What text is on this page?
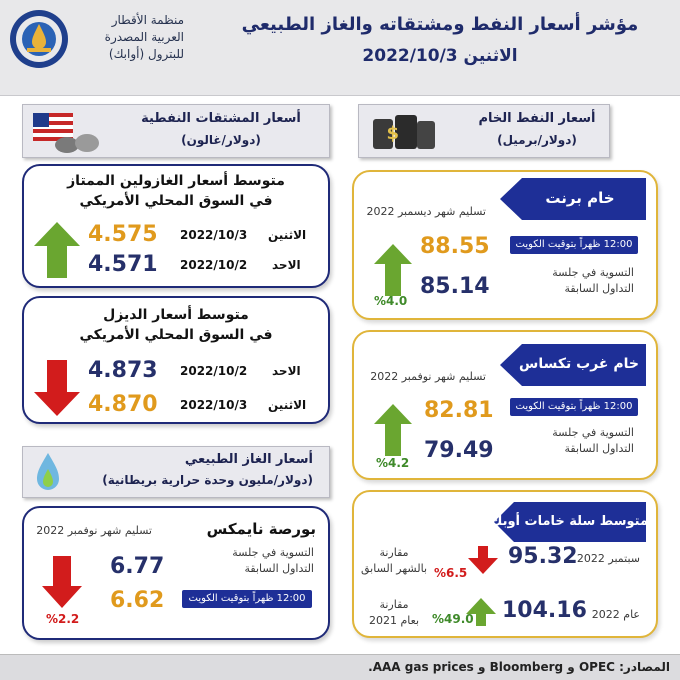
منظمة الأقطار
العربية المصدرة
للبترول (أوابك)
مؤشر أسعار النفط ومشتقاته والغاز الطبيعي
الاثنين 2022/10/3
أسعار النفط الخام
(دولار/برميل)
$
أسعار المشتقات النفطية
(دولار/غالون)
خام برنت
تسليم شهر ديسمبر 2022
88.55
85.14
12:00 ظهراً بتوقيت الكويت
التسوية في جلسة
التداول السابقة
%4.0
خام غرب تكساس
تسليم شهر نوفمبر 2022
82.81
79.49
12:00 ظهراً بتوقيت الكويت
التسوية في جلسة
التداول السابقة
%4.2
متوسط سلة خامات أوبك
سبتمبر 2022
95.32
مقارنة
بالشهر السابق %6.5
عام 2022
104.16
مقارنة
بعام 2021	%49.0
متوسط أسعار الغازولين الممتاز
في السوق المحلي الأمريكي
الاثنين
2022/10/3
4.575
الاحد
2022/10/2
4.571
متوسط أسعار الديزل
في السوق المحلي الأمريكي
الاحد
2022/10/2
4.873
الاثنين
2022/10/3
4.870
أسعار الغاز الطبيعي
(دولار/مليون وحدة حرارية بريطانية)
بورصة نايمكس
تسليم شهر نوفمبر 2022
التسوية في جلسة
التداول السابقة
12:00 ظهراً بتوقيت الكويت
6.77
6.62
%2.2
المصادر: OPEC و Bloomberg و AAA gas prices.
